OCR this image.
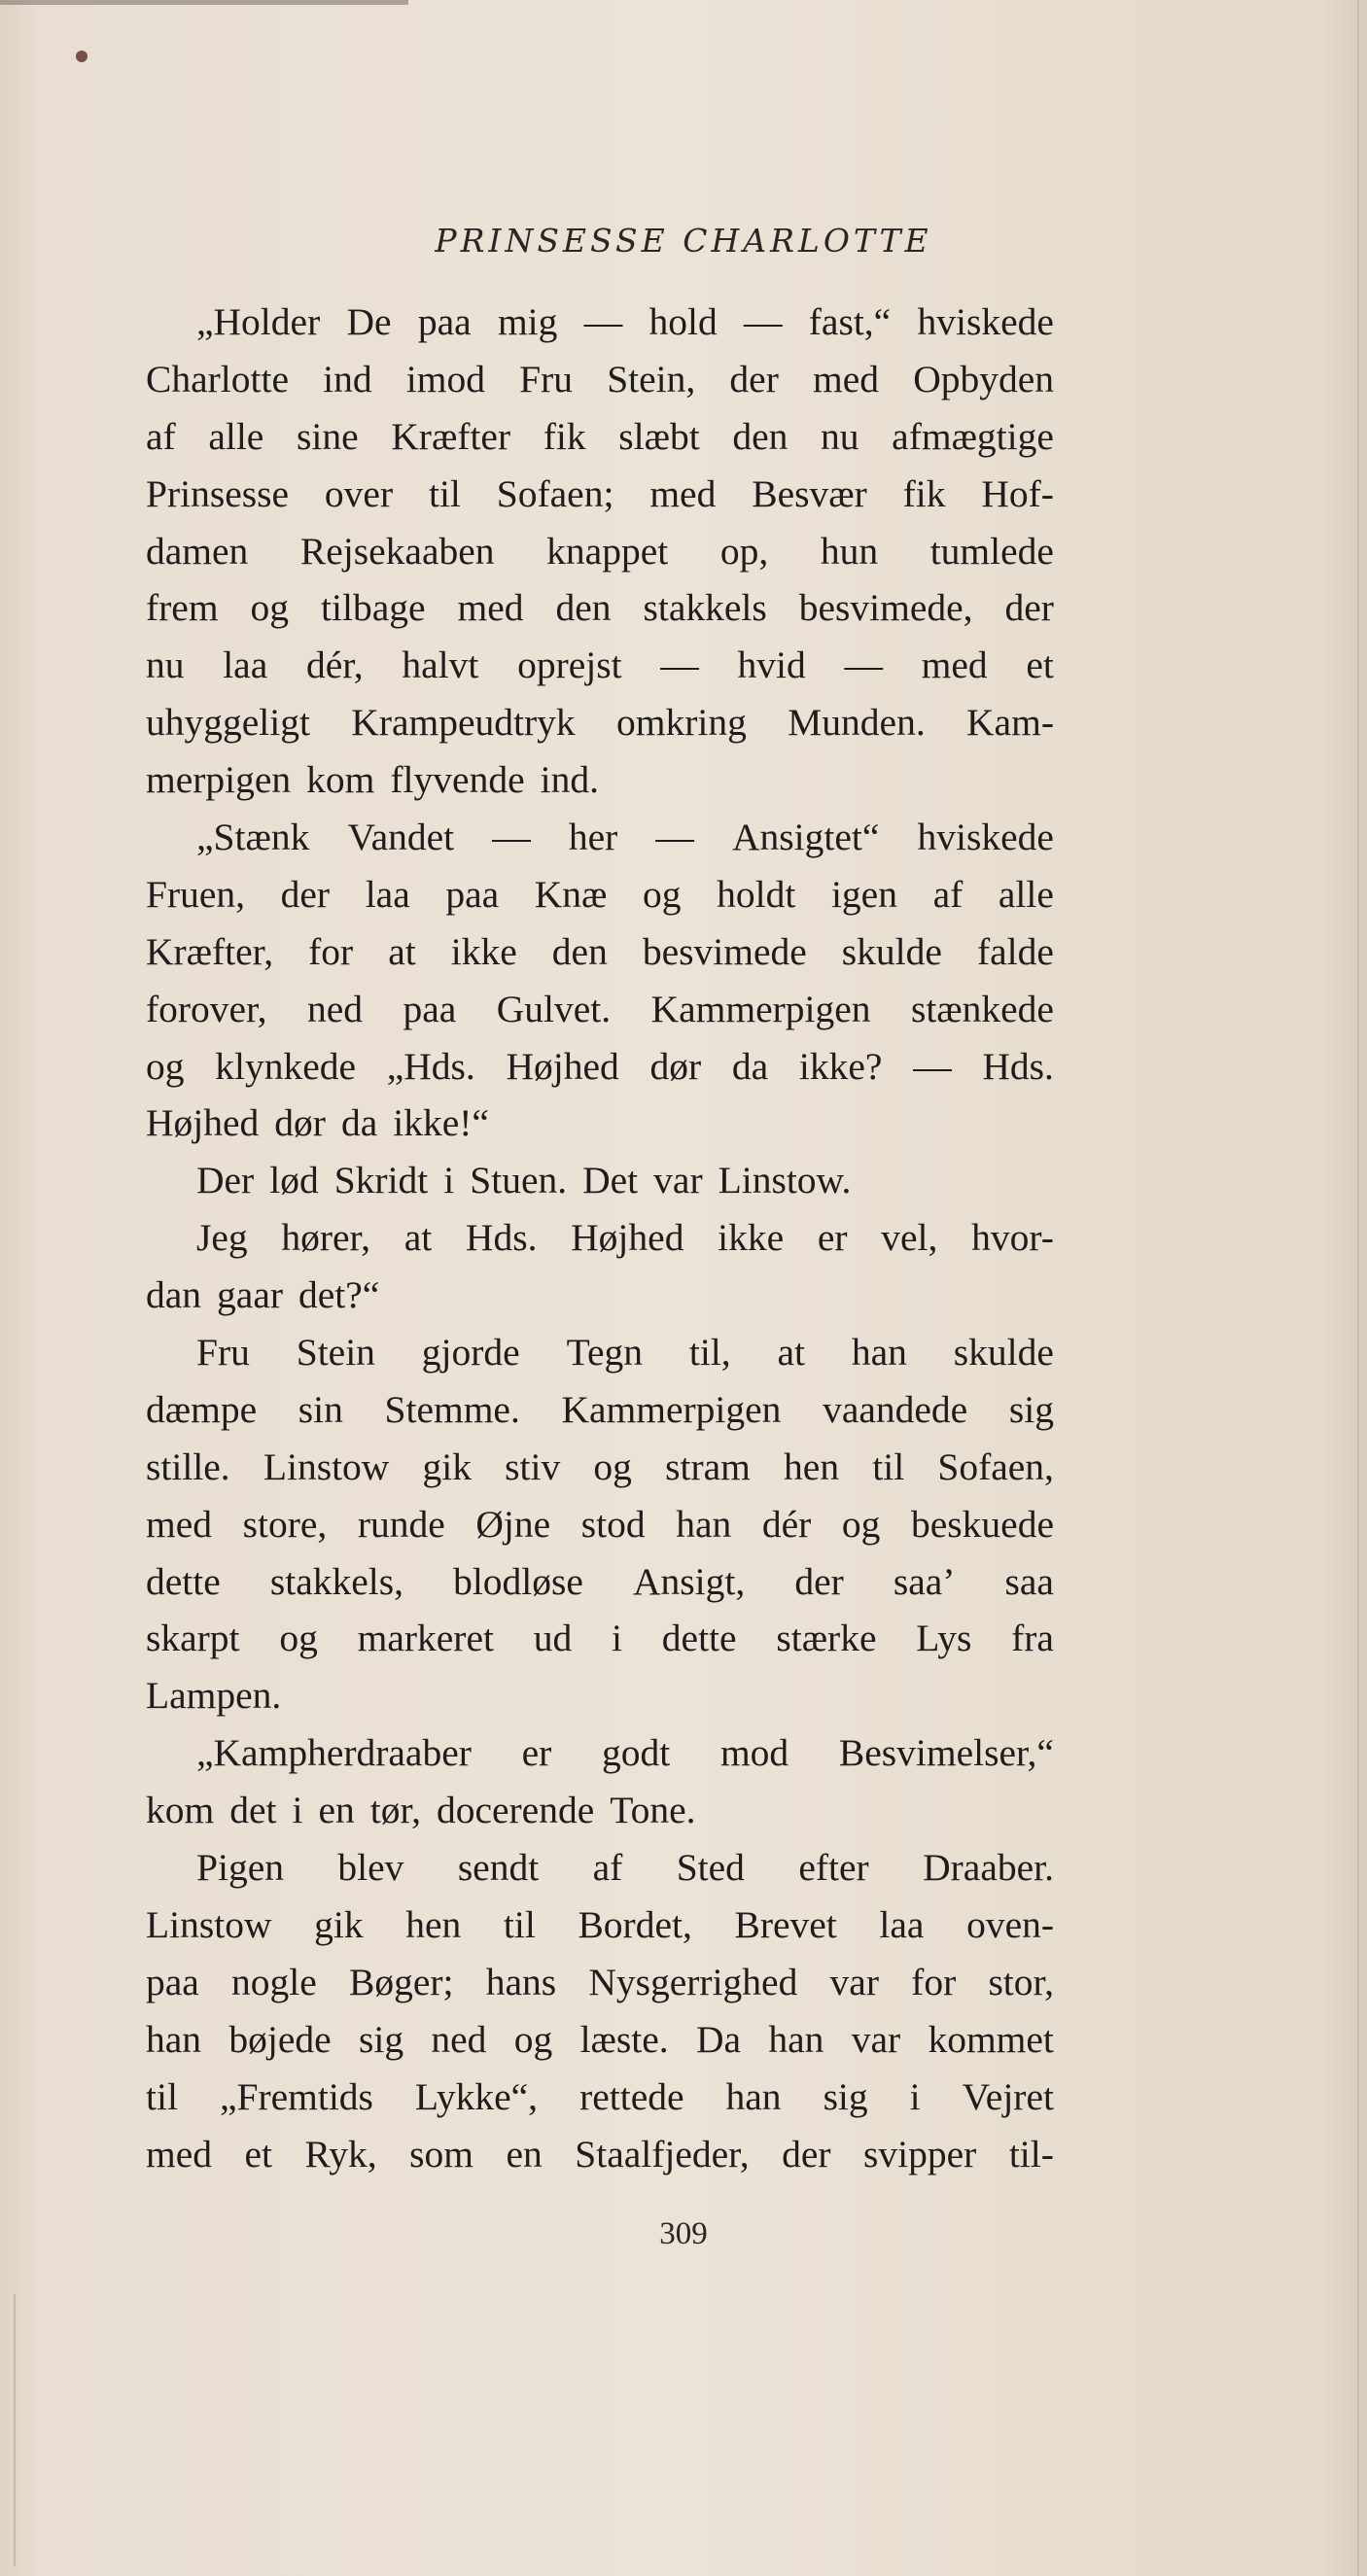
PRINSESSE CHARLOTTE
„Holder De paa mig — hold — fast,“ hviskede
Charlotte ind imod Fru Stein, der med Opbyden
af alle sine Kræfter fik slæbt den nu afmægtige
Prinsesse over til Sofaen; med Besvær fik Hof-
damen Rejsekaaben knappet op, hun tumlede
frem og tilbage med den stakkels besvimede, der
nu laa dér, halvt oprejst — hvid — med et
uhyggeligt Krampeudtryk omkring Munden. Kam-
merpigen kom flyvende ind.
„Stænk Vandet — her — Ansigtet“ hviskede
Fruen, der laa paa Knæ og holdt igen af alle
Kræfter, for at ikke den besvimede skulde falde
forover, ned paa Gulvet. Kammerpigen stænkede
og klynkede „Hds. Højhed dør da ikke? — Hds.
Højhed dør da ikke!“
Der lød Skridt i Stuen. Det var Linstow.
Jeg hører, at Hds. Højhed ikke er vel, hvor-
dan gaar det?“
Fru Stein gjorde Tegn til, at han skulde
dæmpe sin Stemme. Kammerpigen vaandede sig
stille. Linstow gik stiv og stram hen til Sofaen,
med store, runde Øjne stod han dér og beskuede
dette stakkels, blodløse Ansigt, der saa’ saa
skarpt og markeret ud i dette stærke Lys fra
Lampen.
„Kampherdraaber er godt mod Besvimelser,“
kom det i en tør, docerende Tone.
Pigen blev sendt af Sted efter Draaber.
Linstow gik hen til Bordet, Brevet laa oven-
paa nogle Bøger; hans Nysgerrighed var for stor,
han bøjede sig ned og læste. Da han var kommet
til „Fremtids Lykke“, rettede han sig i Vejret
med et Ryk, som en Staalfjeder, der svipper til-
309
